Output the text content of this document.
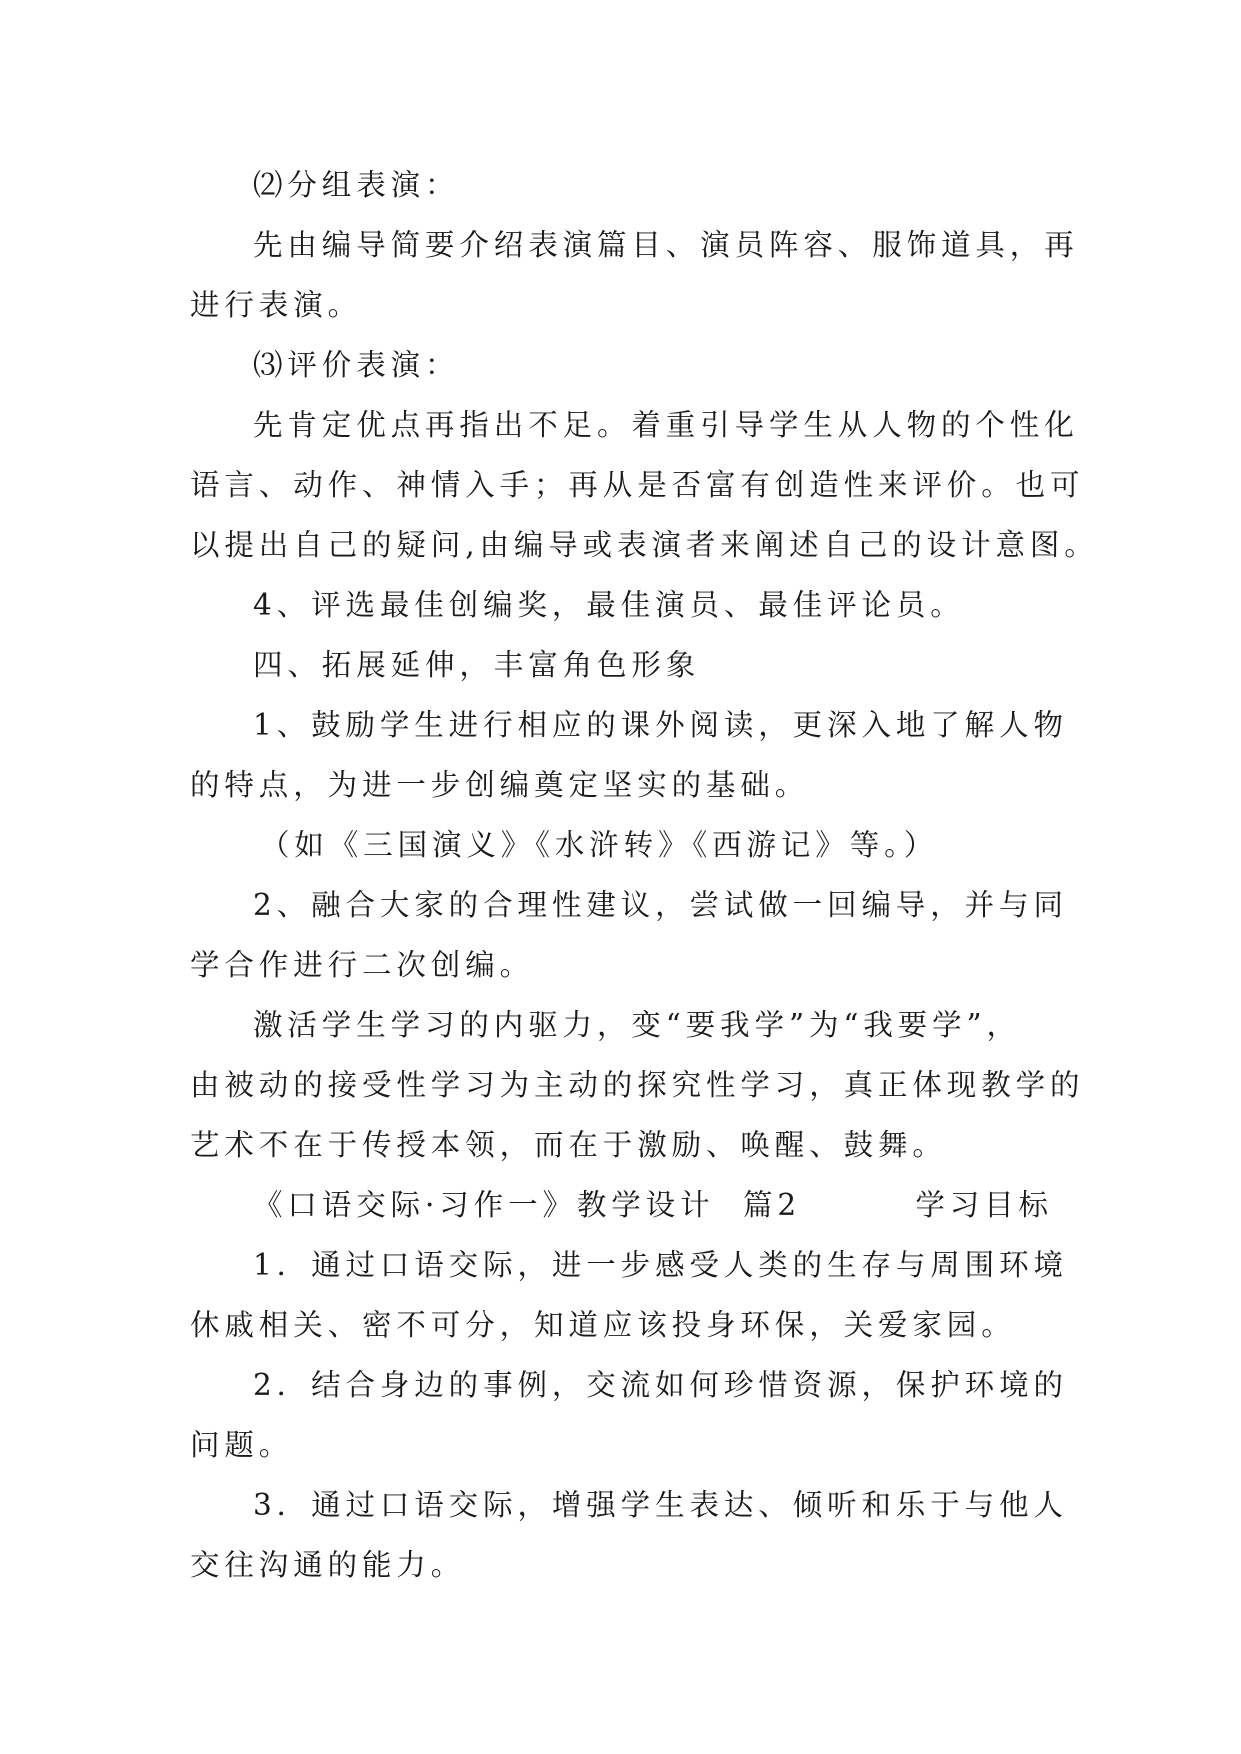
⑵分组表演：
先由编导简要介绍表演篇目、演员阵容、服饰道具，再
进行表演。
⑶评价表演：
先肯定优点再指出不足。着重引导学生从人物的个性化
语言、动作、神情入手；再从是否富有创造性来评价。也可
以提出自己的疑问,由编导或表演者来阐述自己的设计意图。
4、评选最佳创编奖，最佳演员、最佳评论员。
四、拓展延伸，丰富角色形象
1、鼓励学生进行相应的课外阅读，更深入地了解人物
的特点，为进一步创编奠定坚实的基础。
（如《三国演义》《水浒转》《西游记》等。）
2、融合大家的合理性建议，尝试做一回编导，并与同
学合作进行二次创编。
激活学生学习的内驱力，变“要我学”为“我要学”，
由被动的接受性学习为主动的探究性学习，真正体现教学的
艺术不在于传授本领，而在于激励、唤醒、鼓舞。
《口语交际·习作一》教学设计  篇2        学习目标
1．通过口语交际，进一步感受人类的生存与周围环境
休戚相关、密不可分，知道应该投身环保，关爱家园。
2．结合身边的事例，交流如何珍惜资源，保护环境的
问题。
3．通过口语交际，增强学生表达、倾听和乐于与他人
交往沟通的能力。
